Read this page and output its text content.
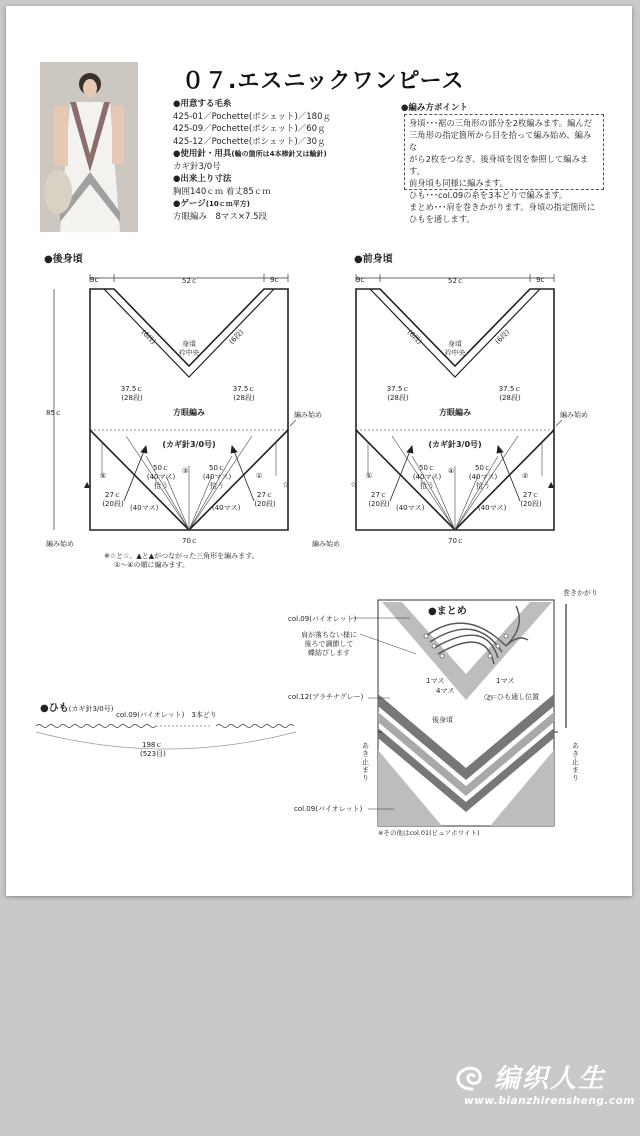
０７.エスニックワンピース
●用意する毛糸
425-01／Pochette(ポシェット)／180ｇ
425-09／Pochette(ポシェット)／60ｇ
425-12／Pochette(ポシェット)／30ｇ
●使用針・用具(輪の箇所は4本棒針又は輪針)
カギ針3/0号
●出来上り寸法
胸囲140ｃｍ 着丈85ｃｍ
●ゲージ(10ｃｍ平方)
方眼編み　8マス×7.5段
●編み方ポイント
身頃･･･裾の三角形の部分を2枚編みます。編んだ
三角形の指定箇所から目を拾って編み始め、編みな
がら2枚をつなぎ、後身頃を図を参照して編みます。
前身頃も同様に編みます。
ひも･･･col.09の糸を3本どりで編みます。
まとめ･･･肩を巻きかがります。身頃の指定箇所に
ひもを通します。
●後身頃
9c	52ｃ	9c
85ｃ
(6段)	(6段)
身頃
衿中央
37.5ｃ
(28段)
37.5ｃ
(28段)
方眼編み
(カギ針3/0号)
50ｃ
(40マス)
拾う
50ｃ
(40マス)
拾う
27ｃ
(20段)
27ｃ
(20段)
(40マス)	(40マス)
70ｃ
編み始め
編み始め
②
③
①
▲	☆
※☆と☆、▲と▲がつながった三角形を編みます。
①～④の順に編みます。
●前身頃
9c	52ｃ	9c
(6段)	(6段)
身頃
衿中央
37.5ｃ
(28段)
37.5ｃ
(28段)
方眼編み
(カギ針3/0号)
50ｃ
(40マス)
拾う
50ｃ
(40マス)
拾う
27ｃ
(20段)
27ｃ
(20段)
(40マス)	(40マス)
70ｃ
編み始め
編み始め
①
④
②
☆	▲
●ひも(カギ針3/0号)
col.09(バイオレット)　3本どり
198ｃ
(523目)
●まとめ
col.09(バイオレット)
肩が落ちない様に
後ろで調節して
蝶結びします
col.12(プラチナグレー)
後身頃
1マス	1マス
4マス
○＝ひも通し位置
巻きかがり
あき止まり
あき止まり
col.09(バイオレット)
※その他はcol.01(ピュアホワイト)
编织人生
www.bianzhirensheng.com
